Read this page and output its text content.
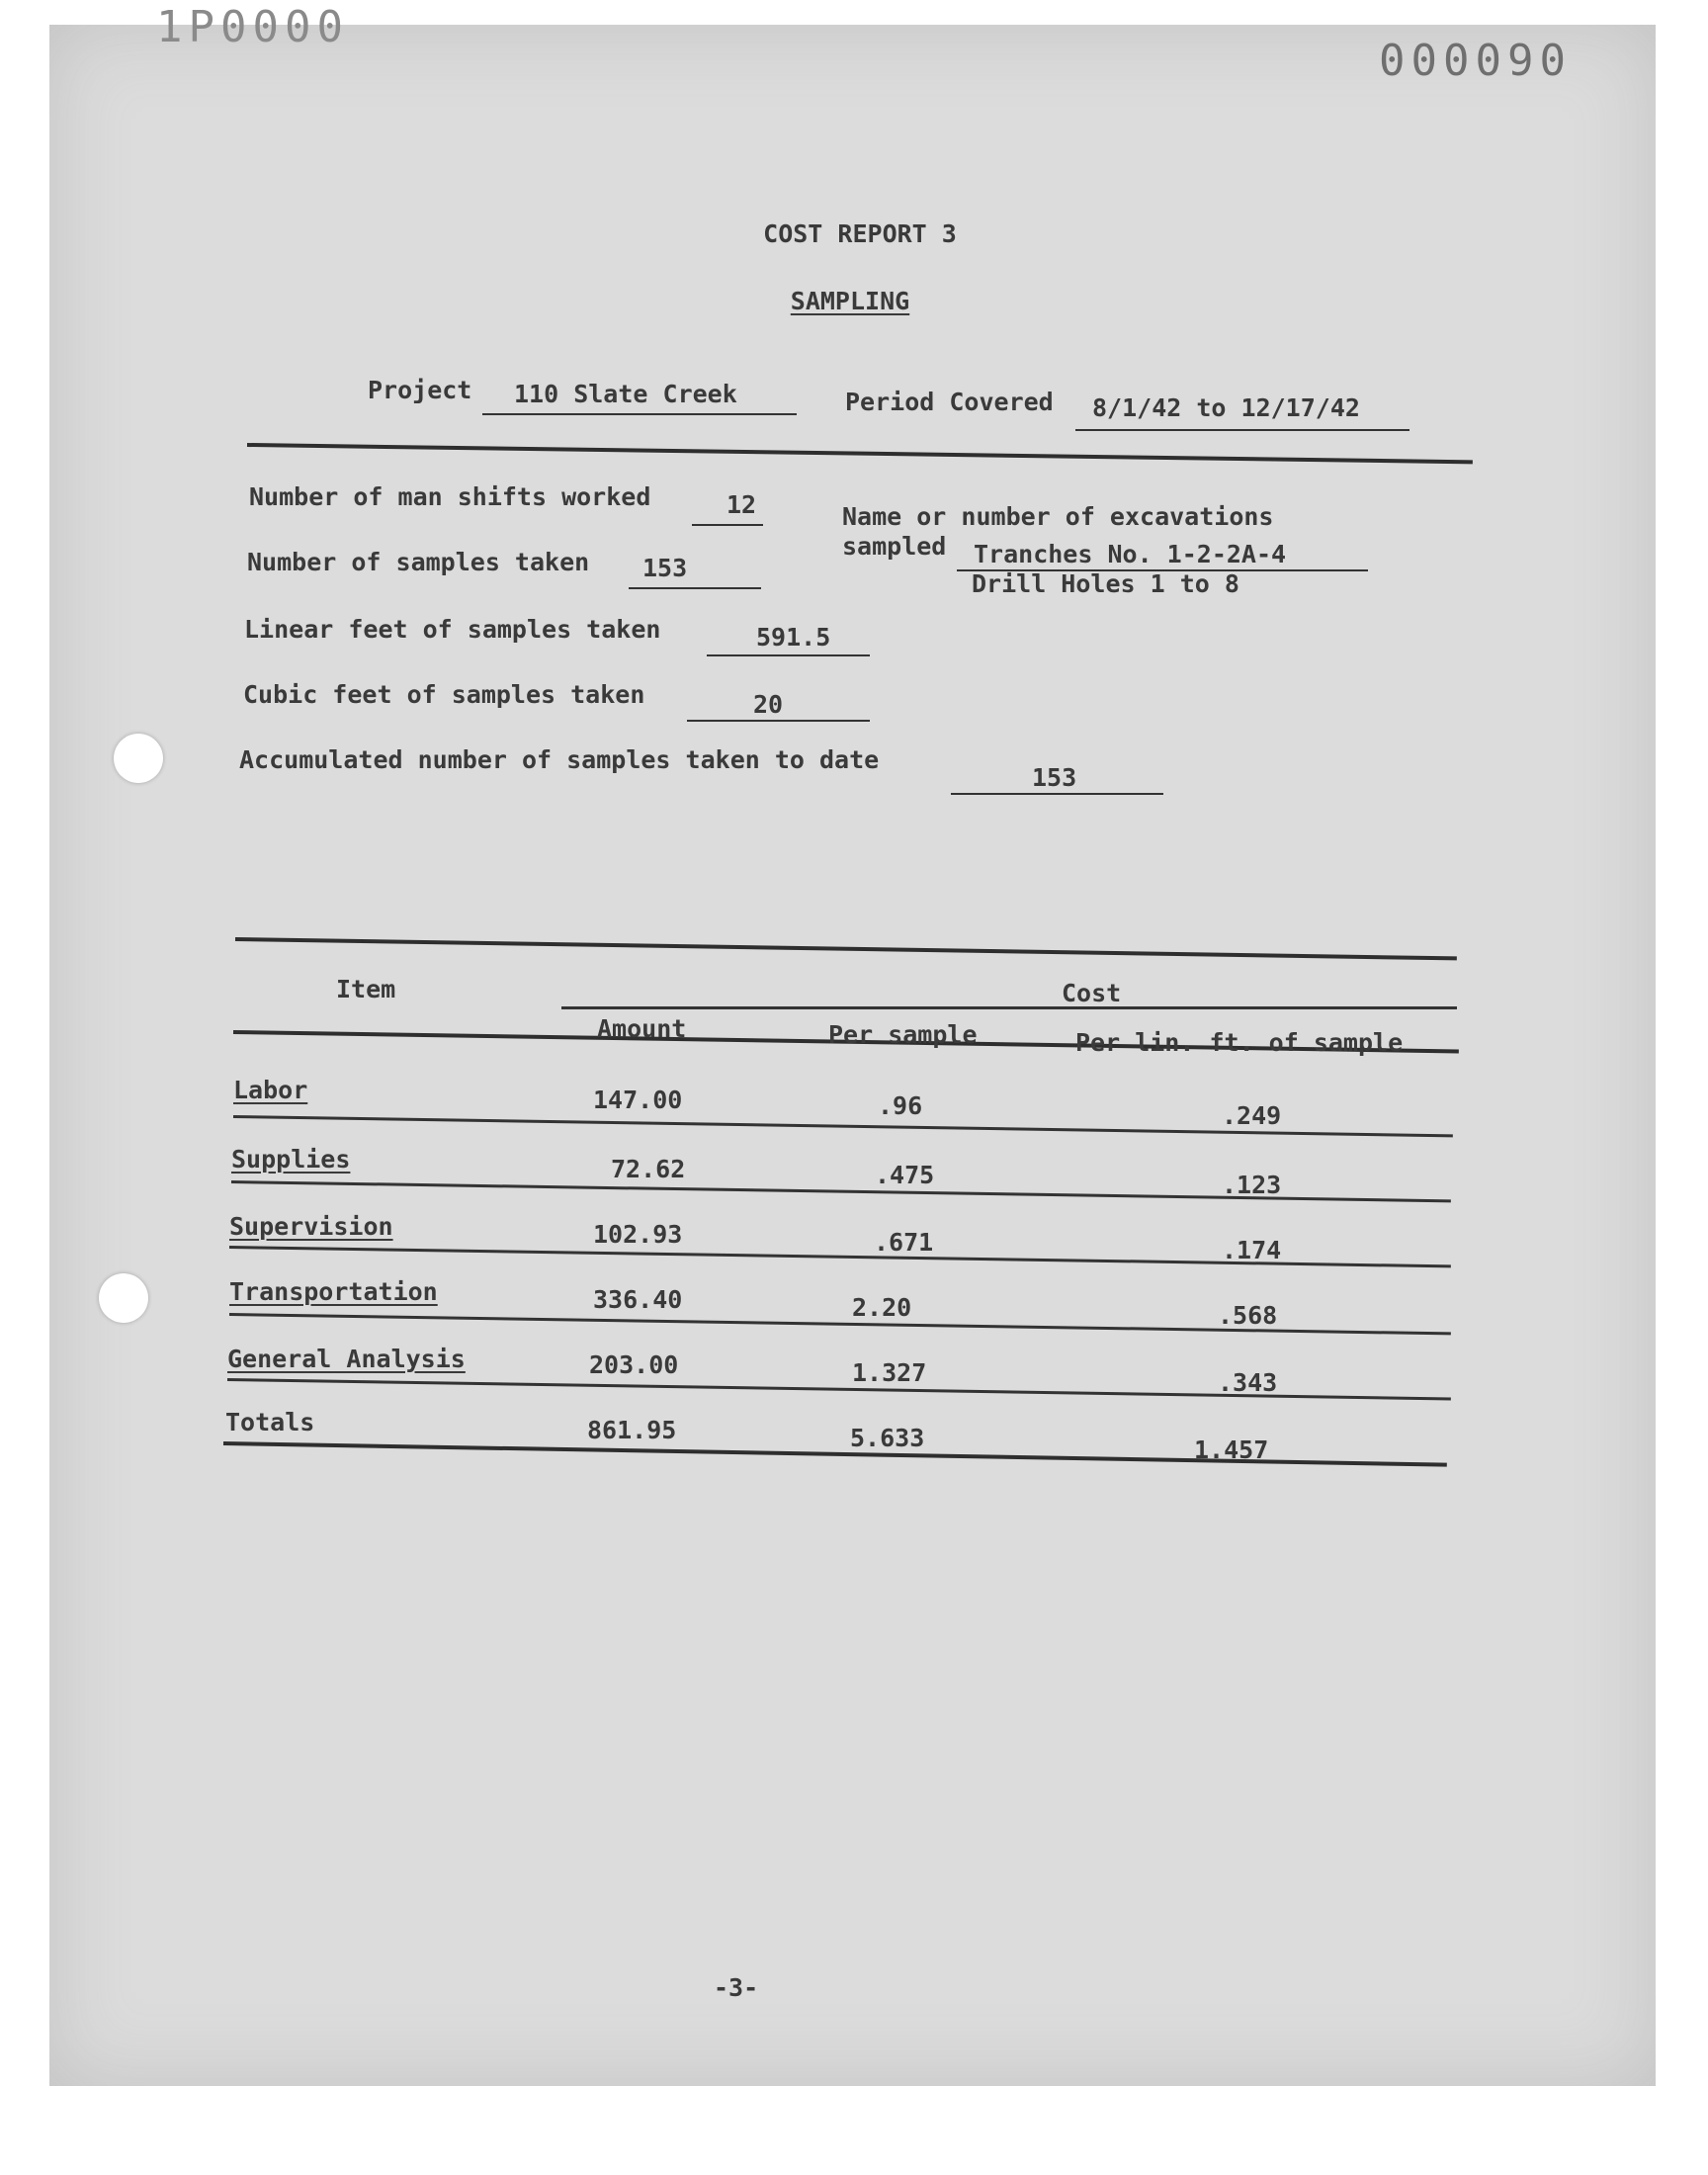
1P0000
000090
COST REPORT 3
SAMPLING
Project 110 Slate Creek	Period Covered 8/1/42 to 12/17/42
Number of man shifts worked	12
Number of samples taken 153
Linear feet of samples taken	591.5
Cubic feet of samples taken	20
Accumulated number of samples taken to date
153
Name or number of excavations
sampled Tranches No. 1-2-2A-4
Drill Holes 1 to 8
Item	Cost
Amount	Per sample	Per lin. ft. of sample
Labor	147.00	.96	.249
Supplies	72.62	.475	.123
Supervision	102.93	.671	.174
Transportation	336.40	2.20	.568
General Analysis	203.00	1.327	.343
Totals	861.95	5.633	1.457
-3-
